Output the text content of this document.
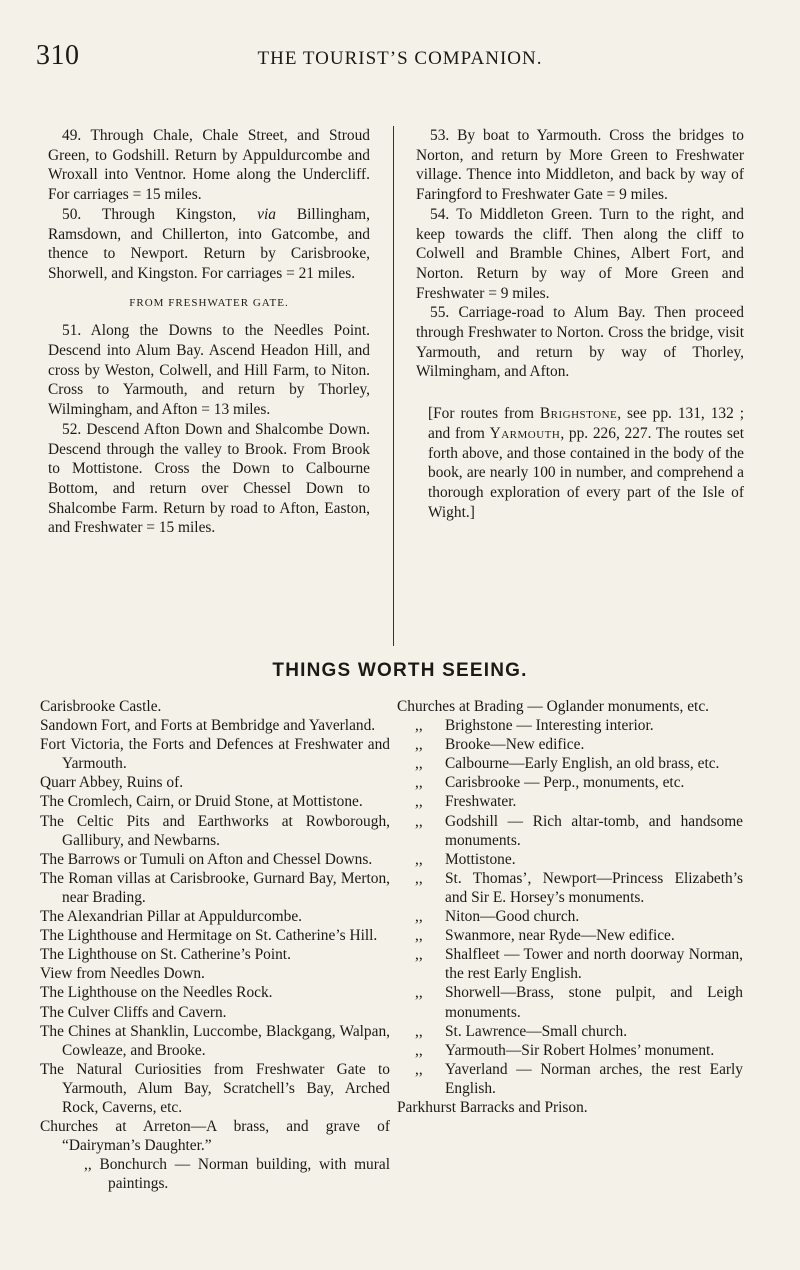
310	THE TOURIST’S COMPANION.

49. Through Chale, Chale Street, and Stroud Green, to Godshill. Return by Appuldurcombe and Wroxall into Ventnor. Home along the Undercliff. For carriages = 15 miles.

50. Through Kingston, via Billingham, Ramsdown, and Chillerton, into Gatcombe, and thence to Newport. Return by Carisbrooke, Shorwell, and Kingston. For carriages = 21 miles.

FROM FRESHWATER GATE.

51. Along the Downs to the Needles Point. Descend into Alum Bay. Ascend Headon Hill, and cross by Weston, Colwell, and Hill Farm, to Niton. Cross to Yarmouth, and return by Thorley, Wilmingham, and Afton = 13 miles.

52. Descend Afton Down and Shalcombe Down. Descend through the valley to Brook. From Brook to Mottistone. Cross the Down to Calbourne Bottom, and return over Chessel Down to Shalcombe Farm. Return by road to Afton, Easton, and Freshwater = 15 miles.

53. By boat to Yarmouth. Cross the bridges to Norton, and return by More Green to Freshwater village. Thence into Middleton, and back by way of Faringford to Freshwater Gate = 9 miles.

54. To Middleton Green. Turn to the right, and keep towards the cliff. Then along the cliff to Colwell and Bramble Chines, Albert Fort, and Norton. Return by way of More Green and Freshwater = 9 miles.

55. Carriage-road to Alum Bay. Then proceed through Freshwater to Norton. Cross the bridge, visit Yarmouth, and return by way of Thorley, Wilmingham, and Afton.

[For routes from Brighstone, see pp. 131, 132 ; and from Yarmouth, pp. 226, 227. The routes set forth above, and those contained in the body of the book, are nearly 100 in number, and comprehend a thorough exploration of every part of the Isle of Wight.]

THINGS WORTH SEEING.
Carisbrooke Castle.
Sandown Fort, and Forts at Bembridge and Yaverland.
Fort Victoria, the Forts and Defences at Freshwater and Yarmouth.
Quarr Abbey, Ruins of.
The Cromlech, Cairn, or Druid Stone, at Mottistone.
The Celtic Pits and Earthworks at Rowborough, Gallibury, and Newbarns.
The Barrows or Tumuli on Afton and Chessel Downs.
The Roman villas at Carisbrooke, Gurnard Bay, Merton, near Brading.
The Alexandrian Pillar at Appuldurcombe.
The Lighthouse and Hermitage on St. Catherine’s Hill.
The Lighthouse on St. Catherine’s Point.
View from Needles Down.
The Lighthouse on the Needles Rock.
The Culver Cliffs and Cavern.
The Chines at Shanklin, Luccombe, Blackgang, Walpan, Cowleaze, and Brooke.
The Natural Curiosities from Freshwater Gate to Yarmouth, Alum Bay, Scratchell’s Bay, Arched Rock, Caverns, etc.
Churches at Arreton—A brass, and grave of “Dairyman’s Daughter.”
,, Bonchurch — Norman building, with mural paintings.
Churches at Brading — Oglander monuments, etc.
,, Brighstone — Interesting interior.
,, Brooke—New edifice.
,, Calbourne—Early English, an old brass, etc.
,, Carisbrooke — Perp., monuments, etc.
,, Freshwater.
,, Godshill — Rich altar-tomb, and handsome monuments.
,, Mottistone.
,, St. Thomas’, Newport—Princess Elizabeth’s and Sir E. Horsey’s monuments.
,, Niton—Good church.
,, Swanmore, near Ryde—New edifice.
,, Shalfleet — Tower and north doorway Norman, the rest Early English.
,, Shorwell—Brass, stone pulpit, and Leigh monuments.
,, St. Lawrence—Small church.
,, Yarmouth—Sir Robert Holmes’ monument.
,, Yaverland — Norman arches, the rest Early English.
Parkhurst Barracks and Prison.
